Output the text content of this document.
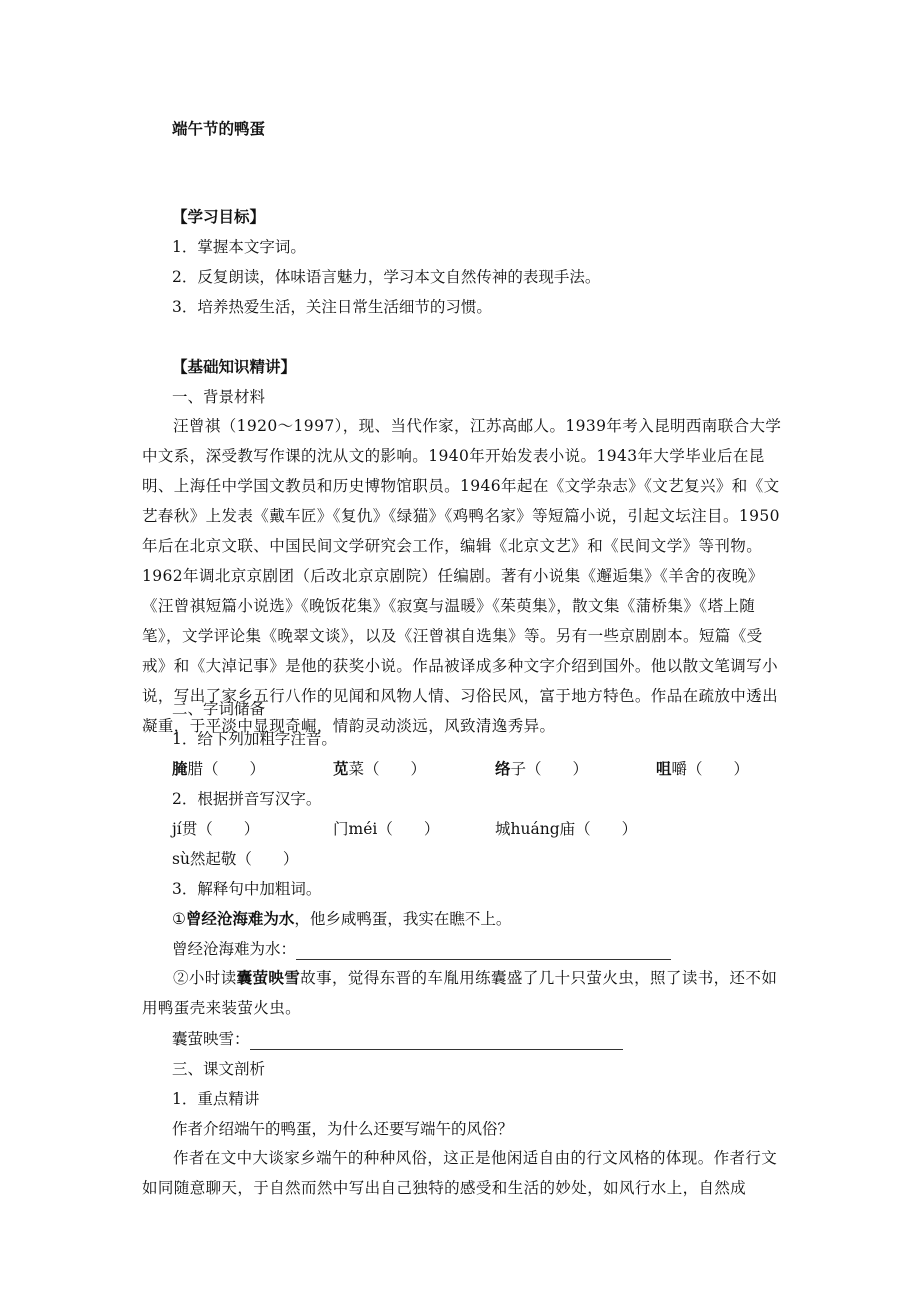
端午节的鸭蛋
【学习目标】
1．掌握本文字词。
2．反复朗读，体味语言魅力，学习本文自然传神的表现手法。
3．培养热爱生活，关注日常生活细节的习惯。
【基础知识精讲】
一、背景材料
汪曾祺（1920～1997），现、当代作家，江苏高邮人。1939年考入昆明西南联合大学中文系，深受教写作课的沈从文的影响。1940年开始发表小说。1943年大学毕业后在昆明、上海任中学国文教员和历史博物馆职员。1946年起在《文学杂志》《文艺复兴》和《文艺春秋》上发表《戴车匠》《复仇》《绿猫》《鸡鸭名家》等短篇小说，引起文坛注目。1950年后在北京文联、中国民间文学研究会工作，编辑《北京文艺》和《民间文学》等刊物。1962年调北京京剧团（后改北京京剧院）任编剧。著有小说集《邂逅集》《羊舍的夜晚》《汪曾祺短篇小说选》《晚饭花集》《寂寞与温暖》《茱萸集》，散文集《蒲桥集》《塔上随笔》，文学评论集《晚翠文谈》，以及《汪曾祺自选集》等。另有一些京剧剧本。短篇《受戒》和《大淖记事》是他的获奖小说。作品被译成多种文字介绍到国外。他以散文笔调写小说，写出了家乡五行八作的见闻和风物人情、习俗民风，富于地方特色。作品在疏放中透出凝重，于平淡中显现奇崛，情韵灵动淡远，风致清逸秀异。
二、字词储备
1．给下列加粗字注音。
腌腊（　　）	苋菜（　　）	络子（　　）	咀嚼（　　）
2．根据拼音写汉字。
jí贯（　　）	门méi（　　）	城huáng庙（　　）
sù然起敬（　　）
3．解释句中加粗词。
①曾经沧海难为水，他乡咸鸭蛋，我实在瞧不上。
曾经沧海难为水：
②小时读囊萤映雪故事，觉得东晋的车胤用练囊盛了几十只萤火虫，照了读书，还不如用鸭蛋壳来装萤火虫。
囊萤映雪：
三、课文剖析
1．重点精讲
作者介绍端午的鸭蛋，为什么还要写端午的风俗？
作者在文中大谈家乡端午的种种风俗，这正是他闲适自由的行文风格的体现。作者行文如同随意聊天，于自然而然中写出自己独特的感受和生活的妙处，如风行水上，自然成
